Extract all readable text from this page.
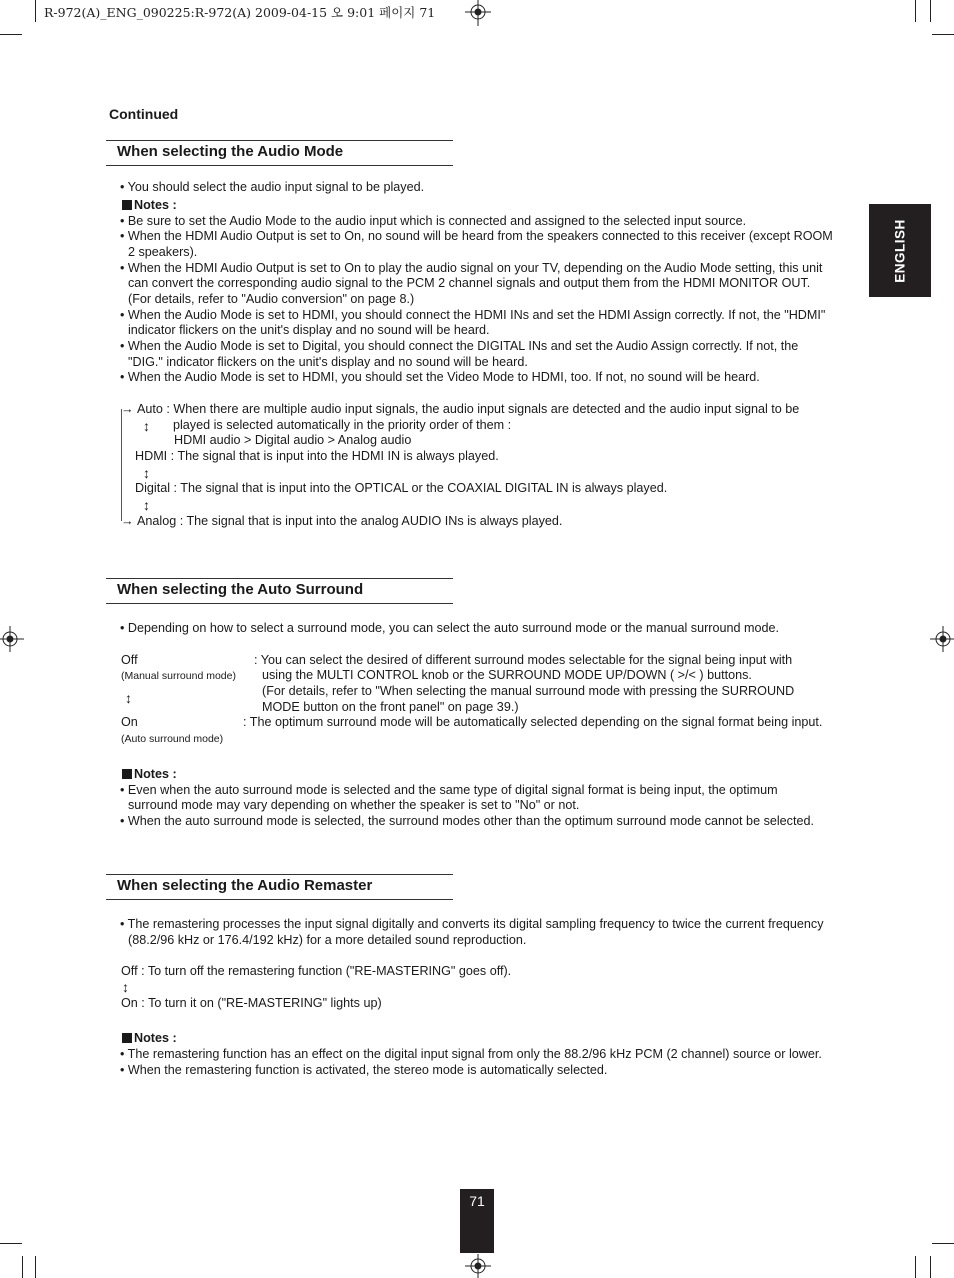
R-972(A)_ENG_090225:R-972(A) 2009-04-15 오 9:01 페이지 71
ENGLISH
Continued
When selecting the Audio Mode
• You should select the audio input signal to be played.
Notes :
• Be sure to set the Audio Mode to the audio input which is connected and assigned to the selected input source.
• When the HDMI Audio Output is set to On, no sound will be heard from the speakers connected to this receiver (except ROOM
2 speakers).
• When the HDMI Audio Output is set to On to play the audio signal on your TV, depending on the Audio Mode setting, this unit
can convert the corresponding audio signal to the PCM 2 channel signals and output them from the HDMI MONITOR OUT.
(For details, refer to "Audio conversion" on page 8.)
• When the Audio Mode is set to HDMI, you should connect the HDMI INs and set the HDMI Assign correctly. If not, the "HDMI"
indicator flickers on the unit's display and no sound will be heard.
• When the Audio Mode is set to Digital, you should connect the DIGITAL INs and set the Audio Assign correctly. If not, the
"DIG." indicator flickers on the unit's display and no sound will be heard.
• When the Audio Mode is set to HDMI, you should set the Video Mode to HDMI, too. If not, no sound will be heard.
→ Auto : When there are multiple audio input signals, the audio input signals are detected and the audio input signal to be
↕ played is selected automatically in the priority order of them :
HDMI audio > Digital audio > Analog audio
HDMI : The signal that is input into the HDMI IN is always played.
↕
Digital : The signal that is input into the OPTICAL or the COAXIAL DIGITAL IN is always played.
↕
→ Analog : The signal that is input into the analog AUDIO INs is always played.
When selecting the Auto Surround
• Depending on how to select a surround mode, you can select the auto surround mode or the manual surround mode.
Off
(Manual surround mode)
↕
: You can select the desired of different surround modes selectable for the signal being input with
using the MULTI CONTROL knob or the SURROUND MODE UP/DOWN ( >/< ) buttons.
(For details, refer to "When selecting the manual surround mode with pressing the SURROUND
MODE button on the front panel" on page 39.)
On	: The optimum surround mode will be automatically selected depending on the signal format being input.
(Auto surround mode)
Notes :
• Even when the auto surround mode is selected and the same type of digital signal format is being input, the optimum
surround mode may vary depending on whether the speaker is set to "No" or not.
• When the auto surround mode is selected, the surround modes other than the optimum surround mode cannot be selected.
When selecting the Audio Remaster
• The remastering processes the input signal digitally and converts its digital sampling frequency to twice the current frequency
(88.2/96 kHz or 176.4/192 kHz) for a more detailed sound reproduction.
Off : To turn off the remastering function ("RE-MASTERING" goes off).
↕
On : To turn it on ("RE-MASTERING" lights up)
Notes :
• The remastering function has an effect on the digital input signal from only the 88.2/96 kHz PCM (2 channel) source or lower.
• When the remastering function is activated, the stereo mode is automatically selected.
71
